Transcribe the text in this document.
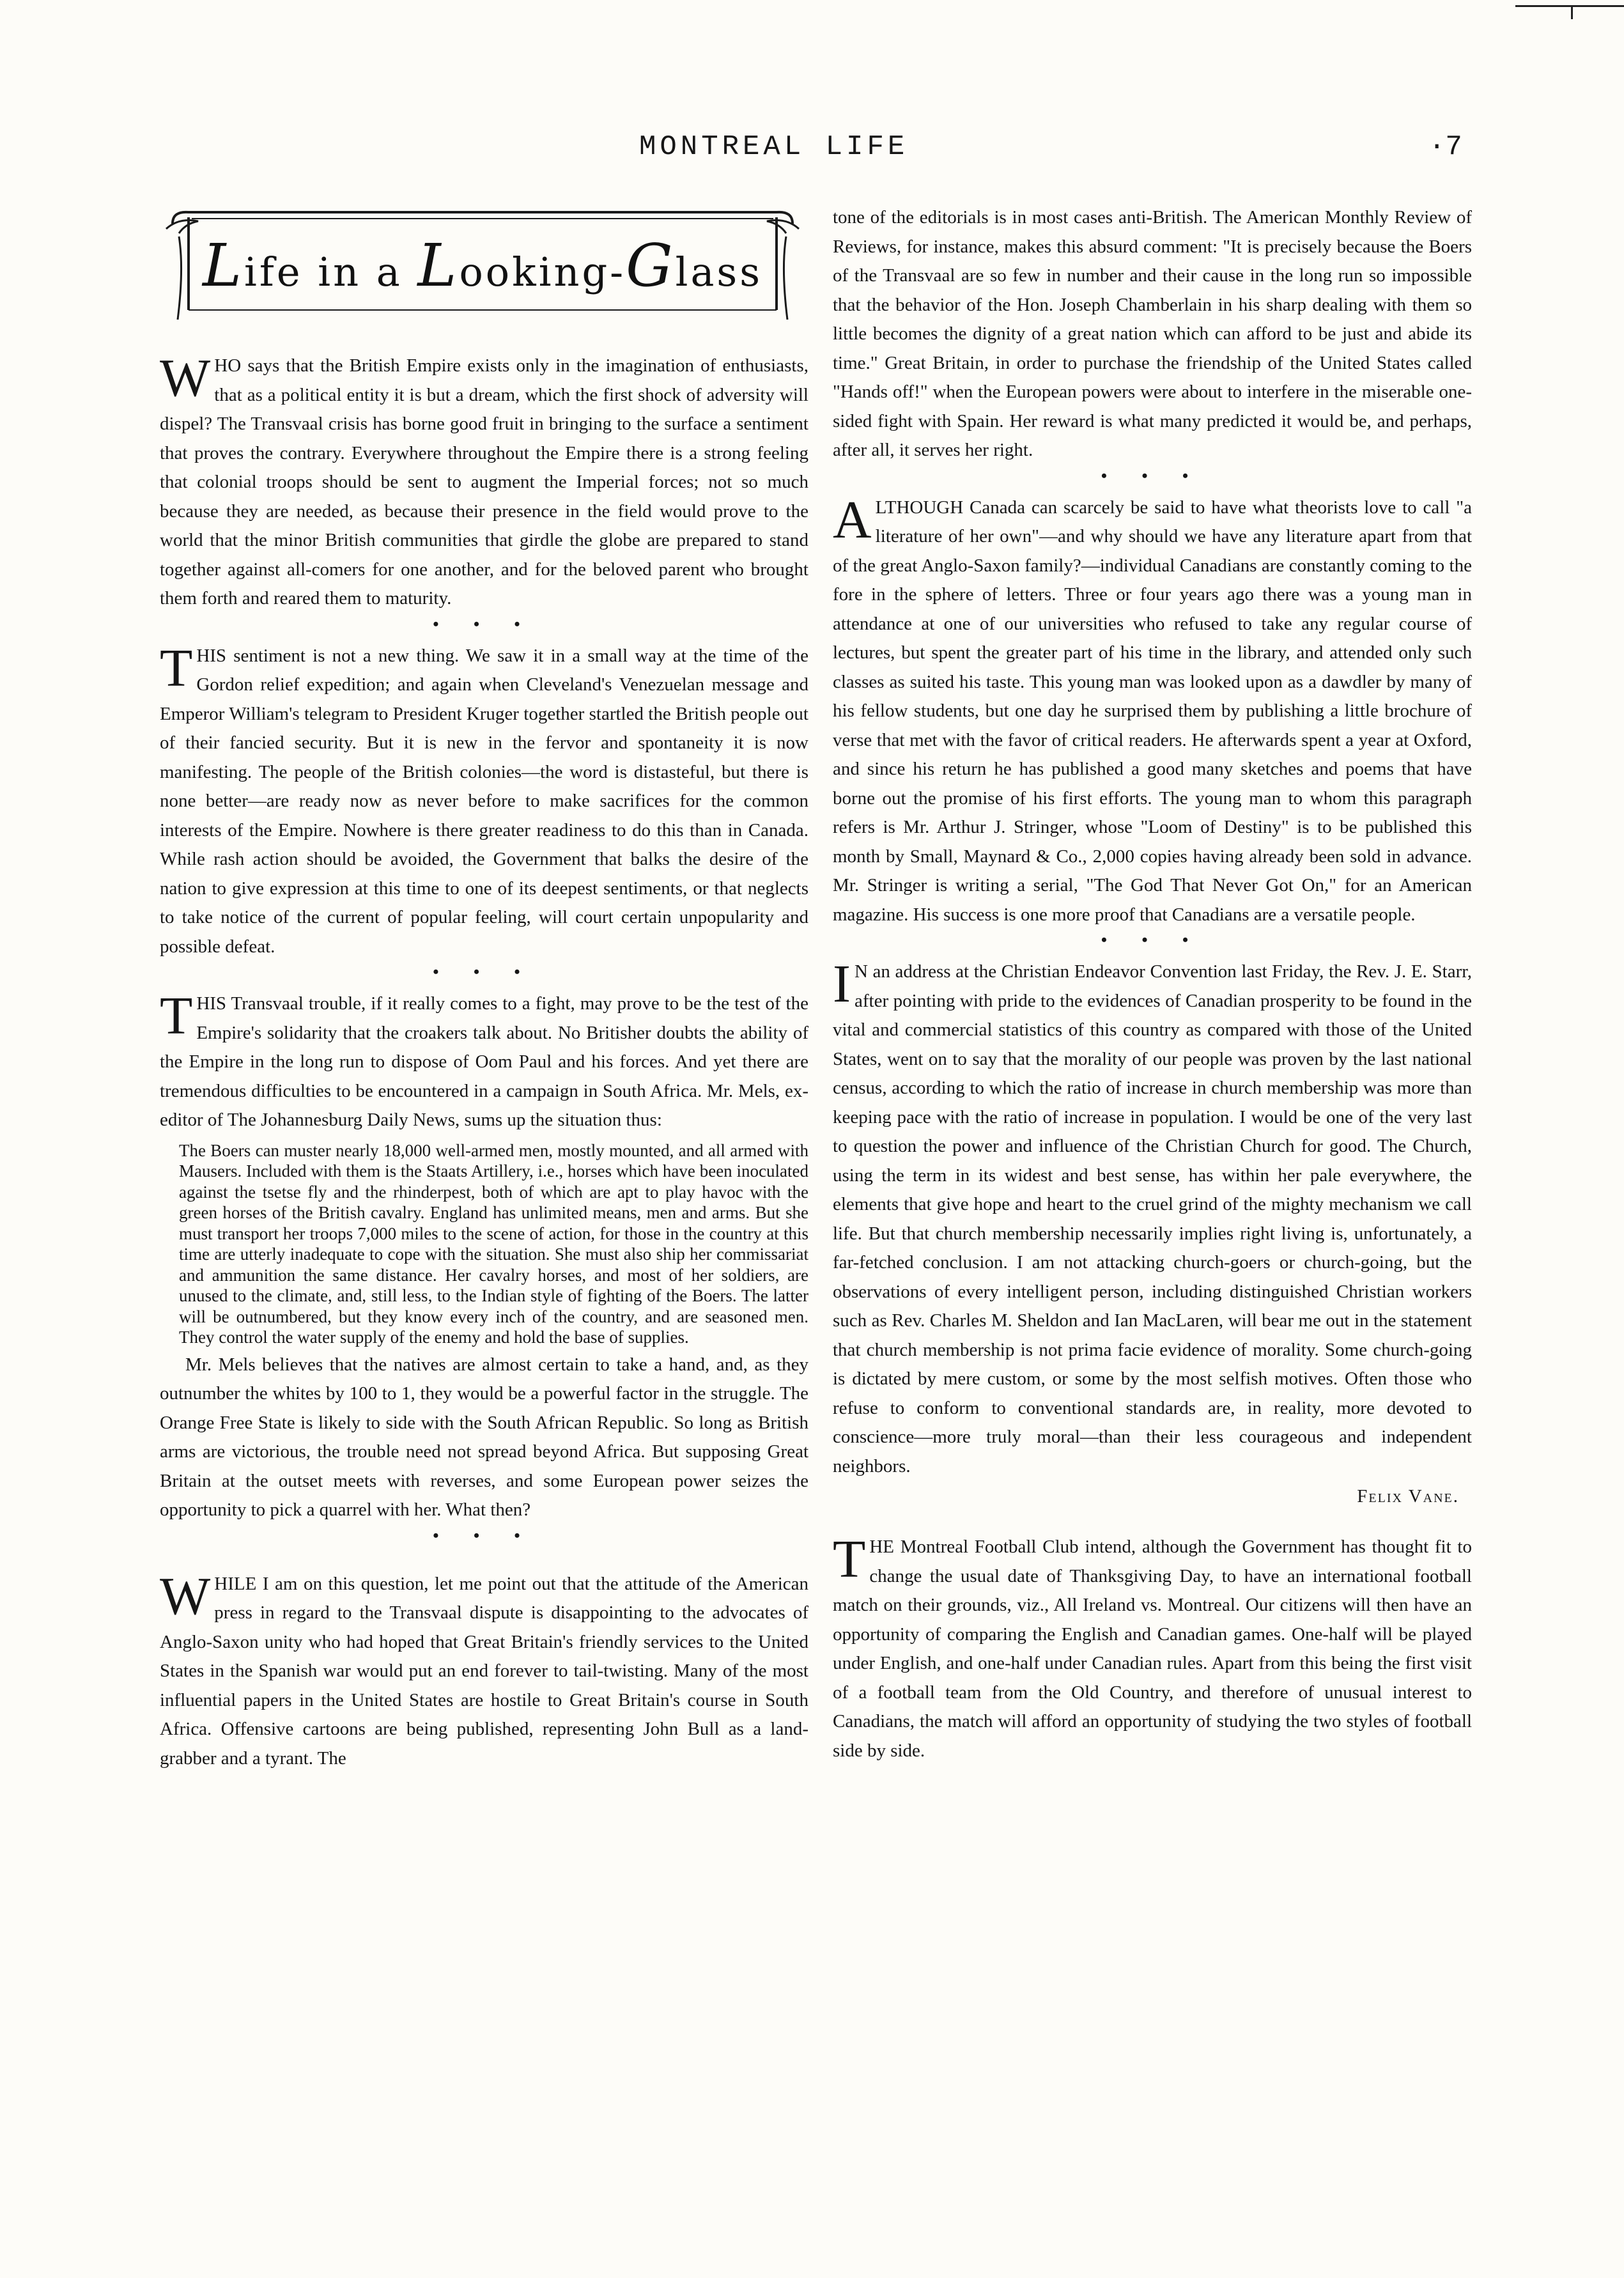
MONTREAL LIFE	·7
Life in a Looking-Glass

WHO says that the British Empire exists only in the imagination of enthusiasts, that as a political entity it is but a dream, which the first shock of adversity will dispel? The Transvaal crisis has borne good fruit in bringing to the surface a sentiment that proves the contrary. Everywhere throughout the Empire there is a strong feeling that colonial troops should be sent to augment the Imperial forces; not so much because they are needed, as because their presence in the field would prove to the world that the minor British communities that girdle the globe are prepared to stand together against all-comers for one another, and for the beloved parent who brought them forth and reared them to maturity.

• • •

THIS sentiment is not a new thing. We saw it in a small way at the time of the Gordon relief expedition; and again when Cleveland's Venezuelan message and Emperor William's telegram to President Kruger together startled the British people out of their fancied security. But it is new in the fervor and spontaneity it is now manifesting. The people of the British colonies—the word is distasteful, but there is none better—are ready now as never before to make sacrifices for the common interests of the Empire. Nowhere is there greater readiness to do this than in Canada. While rash action should be avoided, the Government that balks the desire of the nation to give expression at this time to one of its deepest sentiments, or that neglects to take notice of the current of popular feeling, will court certain unpopularity and possible defeat.

• • •

THIS Transvaal trouble, if it really comes to a fight, may prove to be the test of the Empire's solidarity that the croakers talk about. No Britisher doubts the ability of the Empire in the long run to dispose of Oom Paul and his forces. And yet there are tremendous difficulties to be encountered in a campaign in South Africa. Mr. Mels, ex-editor of The Johannesburg Daily News, sums up the situation thus:

The Boers can muster nearly 18,000 well-armed men, mostly mounted, and all armed with Mausers. Included with them is the Staats Artillery, i.e., horses which have been inoculated against the tsetse fly and the rhinderpest, both of which are apt to play havoc with the green horses of the British cavalry. England has unlimited means, men and arms. But she must transport her troops 7,000 miles to the scene of action, for those in the country at this time are utterly inadequate to cope with the situation. She must also ship her commissariat and ammunition the same distance. Her cavalry horses, and most of her soldiers, are unused to the climate, and, still less, to the Indian style of fighting of the Boers. The latter will be outnumbered, but they know every inch of the country, and are seasoned men. They control the water supply of the enemy and hold the base of supplies.

Mr. Mels believes that the natives are almost certain to take a hand, and, as they outnumber the whites by 100 to 1, they would be a powerful factor in the struggle. The Orange Free State is likely to side with the South African Republic. So long as British arms are victorious, the trouble need not spread beyond Africa. But supposing Great Britain at the outset meets with reverses, and some European power seizes the opportunity to pick a quarrel with her. What then?

• • •

WHILE I am on this question, let me point out that the attitude of the American press in regard to the Transvaal dispute is disappointing to the advocates of Anglo-Saxon unity who had hoped that Great Britain's friendly services to the United States in the Spanish war would put an end forever to tail-twisting. Many of the most influential papers in the United States are hostile to Great Britain's course in South Africa. Offensive cartoons are being published, representing John Bull as a land-grabber and a tyrant. The

tone of the editorials is in most cases anti-British. The American Monthly Review of Reviews, for instance, makes this absurd comment: "It is precisely because the Boers of the Transvaal are so few in number and their cause in the long run so impossible that the behavior of the Hon. Joseph Chamberlain in his sharp dealing with them so little becomes the dignity of a great nation which can afford to be just and abide its time." Great Britain, in order to purchase the friendship of the United States called "Hands off!" when the European powers were about to interfere in the miserable one-sided fight with Spain. Her reward is what many predicted it would be, and perhaps, after all, it serves her right.

• • •

ALTHOUGH Canada can scarcely be said to have what theorists love to call "a literature of her own"—and why should we have any literature apart from that of the great Anglo-Saxon family?—individual Canadians are constantly coming to the fore in the sphere of letters. Three or four years ago there was a young man in attendance at one of our universities who refused to take any regular course of lectures, but spent the greater part of his time in the library, and attended only such classes as suited his taste. This young man was looked upon as a dawdler by many of his fellow students, but one day he surprised them by publishing a little brochure of verse that met with the favor of critical readers. He afterwards spent a year at Oxford, and since his return he has published a good many sketches and poems that have borne out the promise of his first efforts. The young man to whom this paragraph refers is Mr. Arthur J. Stringer, whose "Loom of Destiny" is to be published this month by Small, Maynard & Co., 2,000 copies having already been sold in advance. Mr. Stringer is writing a serial, "The God That Never Got On," for an American magazine. His success is one more proof that Canadians are a versatile people.

• • •

I N an address at the Christian Endeavor Convention last Friday, the Rev. J. E. Starr, after pointing with pride to the evidences of Canadian prosperity to be found in the vital and commercial statistics of this country as compared with those of the United States, went on to say that the morality of our people was proven by the last national census, according to which the ratio of increase in church membership was more than keeping pace with the ratio of increase in population. I would be one of the very last to question the power and influence of the Christian Church for good. The Church, using the term in its widest and best sense, has within her pale everywhere, the elements that give hope and heart to the cruel grind of the mighty mechanism we call life. But that church membership necessarily implies right living is, unfortunately, a far-fetched conclusion. I am not attacking church-goers or church-going, but the observations of every intelligent person, including distinguished Christian workers such as Rev. Charles M. Sheldon and Ian MacLaren, will bear me out in the statement that church membership is not prima facie evidence of morality. Some church-going is dictated by mere custom, or some by the most selfish motives. Often those who refuse to conform to conventional standards are, in reality, more devoted to conscience—more truly moral—than their less courageous and independent neighbors.

Felix Vane.

THE Montreal Football Club intend, although the Government has thought fit to change the usual date of Thanksgiving Day, to have an international football match on their grounds, viz., All Ireland vs. Montreal. Our citizens will then have an opportunity of comparing the English and Canadian games. One-half will be played under English, and one-half under Canadian rules. Apart from this being the first visit of a football team from the Old Country, and therefore of unusual interest to Canadians, the match will afford an opportunity of studying the two styles of football side by side.
